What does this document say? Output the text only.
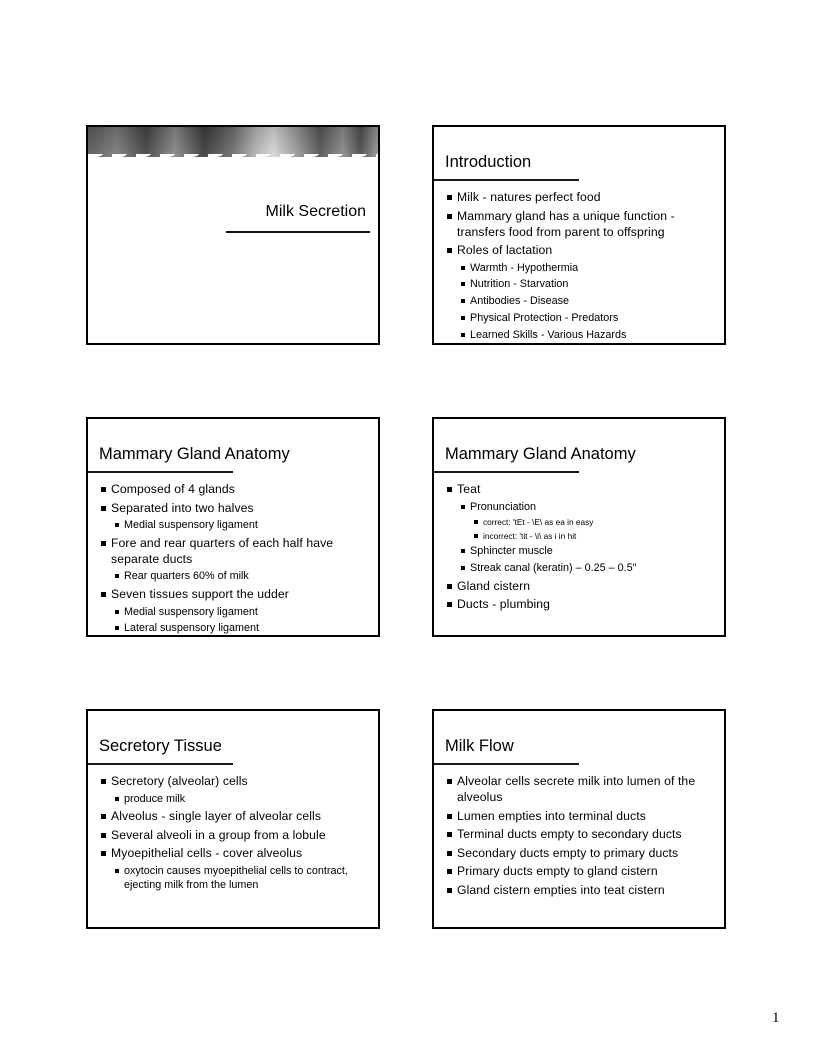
Milk Secretion
Introduction
Milk - natures perfect food
Mammary gland has a unique function - transfers food from parent to offspring
Roles of lactation
Warmth - Hypothermia
Nutrition - Starvation
Antibodies - Disease
Physical Protection - Predators
Learned Skills - Various Hazards
Mammary Gland Anatomy
Composed of 4 glands
Separated into two halves
Medial suspensory ligament
Fore and rear quarters of each half have separate ducts
Rear quarters 60% of milk
Seven tissues support the udder
Medial suspensory ligament
Lateral suspensory ligament
Mammary Gland Anatomy
Teat
Pronunciation
correct: 'tEt - \E\ as ea in easy
incorrect: 'tit - \i\ as i in hit
Sphincter muscle
Streak canal (keratin) – 0.25 – 0.5"
Gland cistern
Ducts - plumbing
Secretory Tissue
Secretory (alveolar) cells
produce milk
Alveolus - single layer of alveolar cells
Several alveoli in a group from a lobule
Myoepithelial cells - cover alveolus
oxytocin causes myoepithelial cells to contract, ejecting milk from the lumen
Milk Flow
Alveolar cells secrete milk into lumen of the alveolus
Lumen empties into terminal ducts
Terminal ducts empty to secondary ducts
Secondary ducts empty to primary ducts
Primary ducts empty to gland cistern
Gland cistern empties into teat cistern
1
